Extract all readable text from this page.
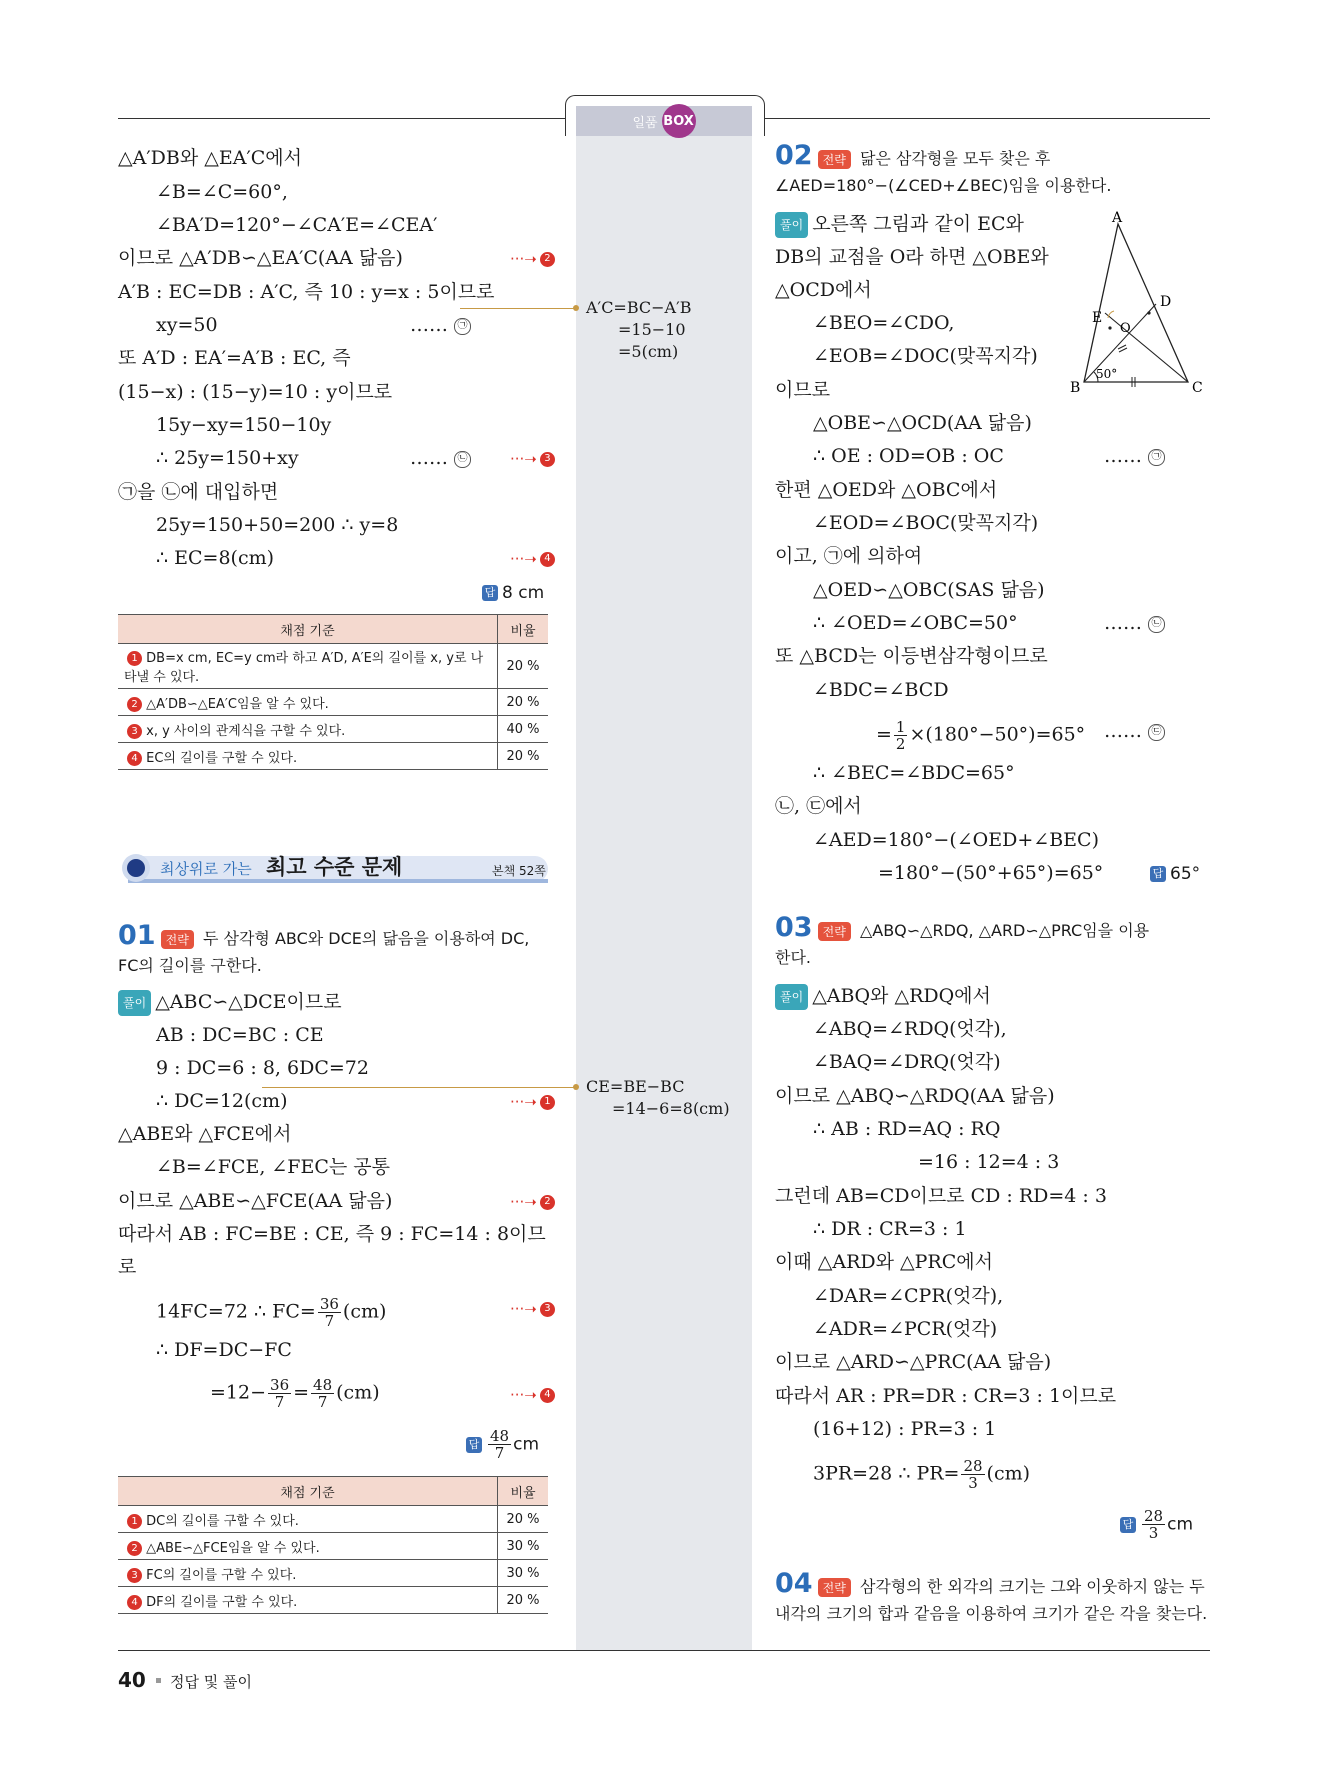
일품 BOX
△A′DB와 △EA′C에서
∠B=∠C=60°,
∠BA′D=120°−∠CA′E=∠CEA′
이므로 △A′DB∽△EA′C(AA 닮음)
A′B : EC=DB : A′C, 즉 10 : y=x : 5이므로
xy=50
또 A′D : EA′=A′B : EC, 즉
(15−x) : (15−y)=10 : y이므로
15y−xy=150−10y
∴ 25y=150+xy
㉠을 ㉡에 대입하면
25y=150+50=200 ∴ y=8
∴ EC=8(cm)
···➝ 2
…… ㉠
…… ㉡	···➝ 3
···➝ 4
답 8 cm
채점 기준	비율
1 DB=x cm, EC=y cm라 하고 A′D, A′E의 길이를 x, y로 나타낼 수 있다.	20 %
2 △A′DB∽△EA′C임을 알 수 있다.	20 %
3 x, y 사이의 관계식을 구할 수 있다.	40 %
4 EC의 길이를 구할 수 있다.	20 %
최상위로 가는 최고 수준 문제	본책 52쪽
01 전략 두 삼각형 ABC와 DCE의 닮음을 이용하여 DC,
FC의 길이를 구한다.
풀이 △ABC∽△DCE이므로
AB : DC=BC : CE
9 : DC=6 : 8, 6DC=72
∴ DC=12(cm)
△ABE와 △FCE에서
∠B=∠FCE, ∠FEC는 공통
이므로 △ABE∽△FCE(AA 닮음)
따라서 AB : FC=BE : CE, 즉 9 : FC=14 : 8이므
로
14FC=72 ∴ $FC= \frac{36}{7} (cm)$
∴ DF=DC−FC
$=12- \frac{36}{7} = \frac{48}{7} (cm)$
···➝ 1
···➝ 2
···➝ 3
···➝ 4
답 $\frac{48}{7}$ cm
채점 기준	비율
1 DC의 길이를 구할 수 있다.	20 %
2 △ABE∽△FCE임을 알 수 있다.	30 %
3 FC의 길이를 구할 수 있다.	30 %
4 DF의 길이를 구할 수 있다.	20 %
A′C=BC−A′B
=15−10
=5(cm)
CE=BE−BC
=14−6=8(cm)
02 전략 닮은 삼각형을 모두 찾은 후
∠AED=180°−(∠CED+∠BEC)임을 이용한다.
풀이 오른쪽 그림과 같이 EC와
DB의 교점을 O라 하면 △OBE와
△OCD에서
∠BEO=∠CDO,
∠EOB=∠DOC(맞꼭지각)
이므로
△OBE∽△OCD(AA 닮음)
∴ OE : OD=OB : OC
한편 △OED와 △OBC에서
∠EOD=∠BOC(맞꼭지각)
이고, ㉠에 의하여
△OED∽△OBC(SAS 닮음)
∴ ∠OED=∠OBC=50°
또 △BCD는 이등변삼각형이므로
∠BDC=∠BCD
= $\frac{1}{2} \times(180^\circ-50^\circ)=65^\circ$
∴ ∠BEC=∠BDC=65°
㉡, ㉢에서
∠AED=180°−(∠OED+∠BEC)
=180°−(50°+65°)=65°	답 65°
…… ㉠
…… ㉡
…… ㉢
A
B	C
D
E
O
50°
03 전략 △ABQ∽△RDQ, △ARD∽△PRC임을 이용
한다.
풀이 △ABQ와 △RDQ에서
∠ABQ=∠RDQ(엇각),
∠BAQ=∠DRQ(엇각)
이므로 △ABQ∽△RDQ(AA 닮음)
∴ AB : RD=AQ : RQ
=16 : 12=4 : 3
그런데 AB=CD이므로 CD : RD=4 : 3
∴ DR : CR=3 : 1
이때 △ARD와 △PRC에서
∠DAR=∠CPR(엇각),
∠ADR=∠PCR(엇각)
이므로 △ARD∽△PRC(AA 닮음)
따라서 AR : PR=DR : CR=3 : 1이므로
(16+12) : PR=3 : 1
3PR=28 ∴ $PR= \frac{28}{3} (cm)$
답 $\frac{28}{3}$ cm
04 전략 삼각형의 한 외각의 크기는 그와 이웃하지 않는 두
내각의 크기의 합과 같음을 이용하여 크기가 같은 각을 찾는다.
40 정답 및 풀이
